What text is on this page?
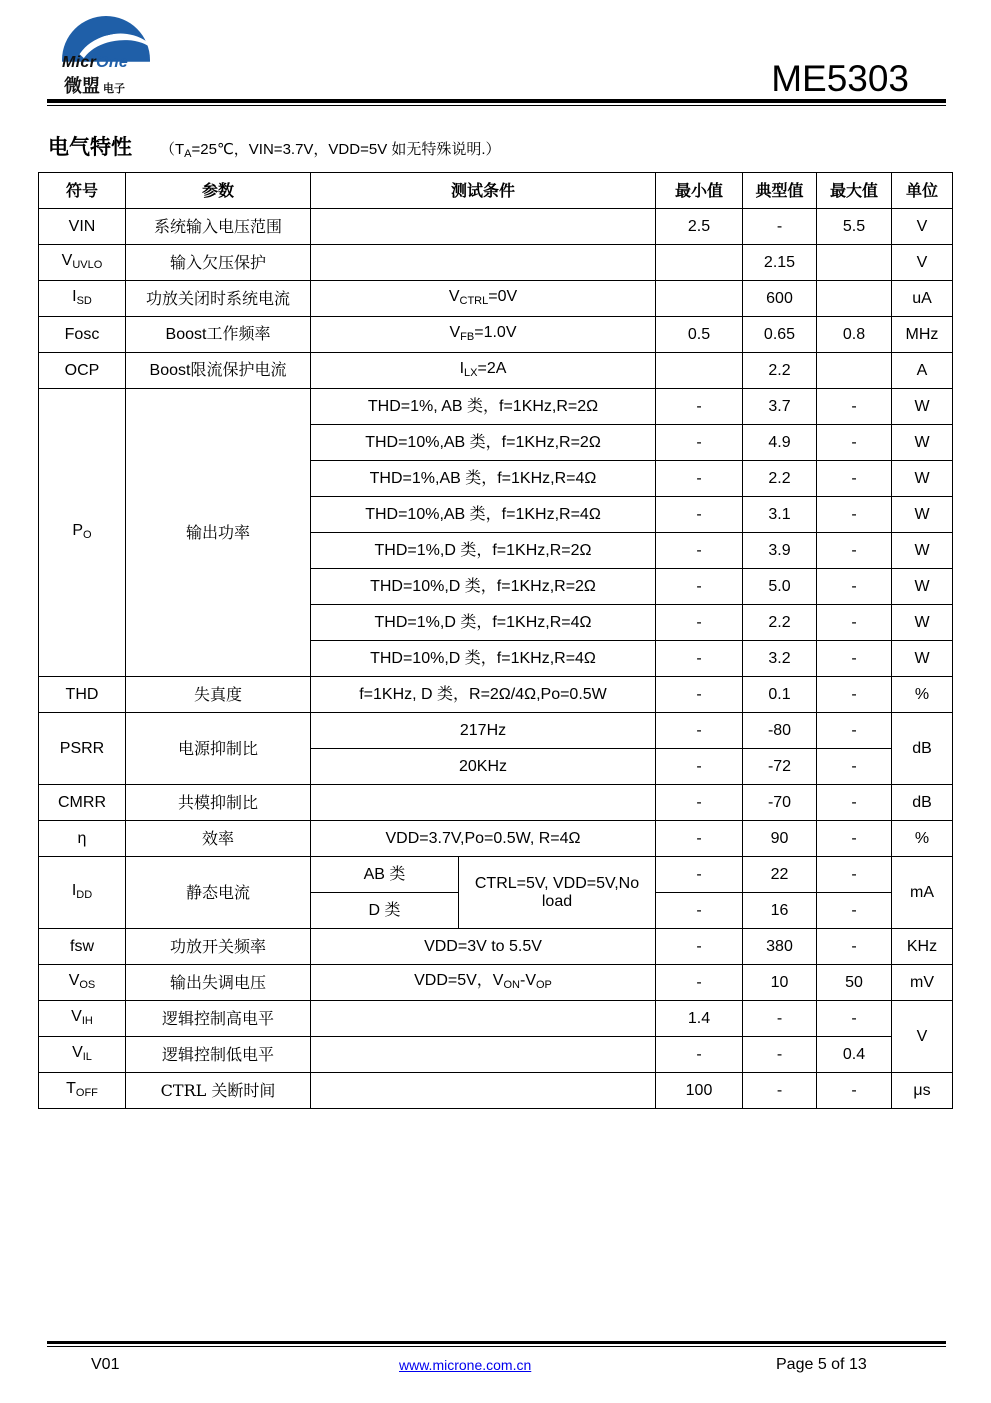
MicrOne
微盟 电子	ME5303
电气特性 （$T_A=25℃$，VIN=3.7V，VDD=5V 如无特殊说明.）
符号	参数	测试条件		最小值	典型值	最大值	单位
VIN	系统输入电压范围			2.5	-	5.5	V
$V_{UVLO}$	输入欠压保护				2.15		V
$I_{SD}$	功放关闭时系统电流	$V_{CTRL}=0V$			600		uA
Fosc	Boost工作频率	$V_{FB}=1.0V$		0.5	0.65	0.8	MHz
OCP	Boost限流保护电流	$I_{LX}=2A$			2.2		A
$P_O$	输出功率	THD=1%, AB 类，f=1KHz,R=2Ω		-	3.7	-	W
		THD=10%,AB 类，f=1KHz,R=2Ω		-	4.9	-	W
		THD=1%,AB 类，f=1KHz,R=4Ω		-	2.2	-	W
		THD=10%,AB 类，f=1KHz,R=4Ω		-	3.1	-	W
		THD=1%,D 类，f=1KHz,R=2Ω		-	3.9	-	W
		THD=10%,D 类，f=1KHz,R=2Ω		-	5.0	-	W
		THD=1%,D 类，f=1KHz,R=4Ω		-	2.2	-	W
		THD=10%,D 类，f=1KHz,R=4Ω		-	3.2	-	W
THD	失真度	f=1KHz, D 类，R=2Ω/4Ω,Po=0.5W		-	0.1	-	%
PSRR	电源抑制比	217Hz		-	-80	-	dB
		20KHz		-	-72	-	
CMRR	共模抑制比			-	-70	-	dB
η	效率	VDD=3.7V,Po=0.5W, R=4Ω		-	90	-	%
$I_{DD}$	静态电流	AB 类	CTRL=5V, VDD=5V,No load	-	22	-	mA
		D 类		-	16	-	
fsw	功放开关频率	VDD=3V to 5.5V		-	380	-	KHz
$V_{OS}$	输出失调电压	VDD=5V，$V_{ON}-V_{OP}$		-	10	50	mV
$V_{IH}$	逻辑控制高电平			1.4	-	-	V
$V_{IL}$	逻辑控制低电平			-	-	0.4	
$T_{OFF}$	CTRL 关断时间			100	-	-	μs
V01	www.microne.com.cn	Page 5 of 13
